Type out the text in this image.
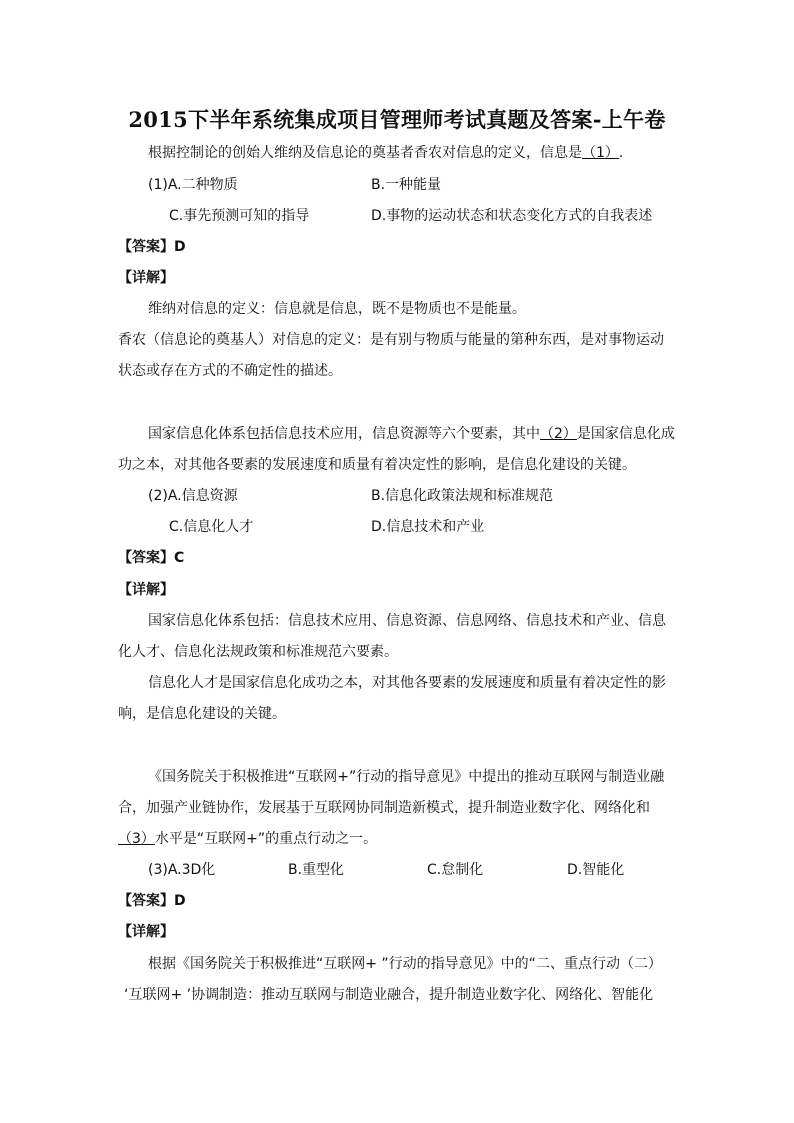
2015下半年系统集成项目管理师考试真题及答案-上午卷
根据控制论的创始人维纳及信息论的奠基者香农对信息的定义，信息是（1）.
(1)A.二种物质	B.一种能量
C.事先预测可知的指导	D.事物的运动状态和状态变化方式的自我表述
【答案】D
【详解】
维纳对信息的定义：信息就是信息，既不是物质也不是能量。
香农（信息论的奠基人）对信息的定义：是有别与物质与能量的第种东西，是对事物运动
状态或存在方式的不确定性的描述。
国家信息化体系包括信息技术应用，信息资源等六个要素，其中（2）是国家信息化成
功之本，对其他各要素的发展速度和质量有着决定性的影响，是信息化建设的关键。
(2)A.信息资源	B.信息化政策法规和标准规范
C.信息化人才	D.信息技术和产业
【答案】C
【详解】
国家信息化体系包括：信息技术应用、信息资源、信息网络、信息技术和产业、信息
化人才、信息化法规政策和标准规范六要素。
信息化人才是国家信息化成功之本，对其他各要素的发展速度和质量有着决定性的影
响，是信息化建设的关键。
《国务院关于积极推进“互联网+”行动的指导意见》中提出的推动互联网与制造业融
合，加强产业链协作，发展基于互联网协同制造新模式，提升制造业数字化、网络化和
（3）水平是“互联网+”的重点行动之一。
(3)A.3D化	B.重型化	C.怠制化	D.智能化
【答案】D
【详解】
根据《国务院关于积极推进“互联网+ ”行动的指导意见》中的“二、重点行动（二）
‘互联网+ ’协调制造：推动互联网与制造业融合，提升制造业数字化、网络化、智能化
